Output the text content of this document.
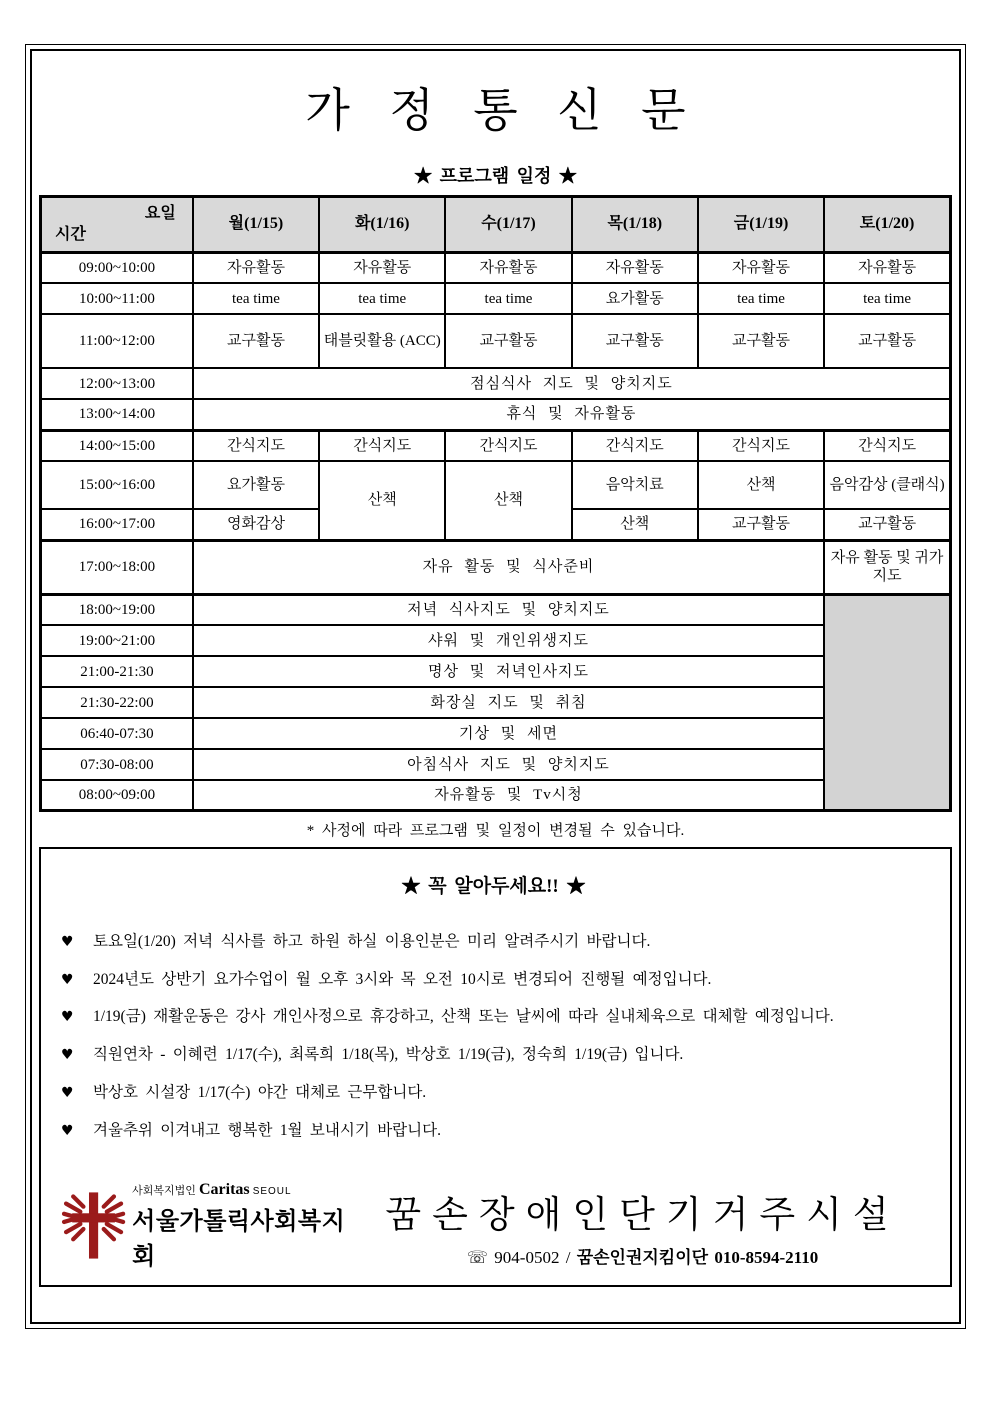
가 정 통 신 문
★ 프로그램 일정 ★
요일
시간	월(1/15)	화(1/16)	수(1/17)	목(1/18)	금(1/19)	토(1/20)
09:00~10:00	자유활동	자유활동	자유활동	자유활동	자유활동	자유활동
10:00~11:00	tea time	tea time	tea time	요가활동	tea time	tea time
11:00~12:00	교구활동	태블릿활용 (ACC)	교구활동	교구활동	교구활동	교구활동
12:00~13:00	점심식사 지도 및 양치지도					
13:00~14:00	휴식 및 자유활동					
14:00~15:00	간식지도	간식지도	간식지도	간식지도	간식지도	간식지도
15:00~16:00	요가활동	산책	산책	음악치료	산책	음악감상 (클래식)
16:00~17:00	영화감상			산책	교구활동	교구활동
17:00~18:00	자유 활동 및 식사준비					자유 활동 및 귀가지도
18:00~19:00	저녁 식사지도 및 양치지도					
19:00~21:00	샤워 및 개인위생지도					
21:00-21:30	명상 및 저녁인사지도					
21:30-22:00	화장실 지도 및 취침					
06:40-07:30	기상 및 세면					
07:30-08:00	아침식사 지도 및 양치지도					
08:00~09:00	자유활동 및 Tv시청					
* 사정에 따라 프로그램 및 일정이 변경될 수 있습니다.
★ 꼭 알아두세요!! ★
♥	토요일(1/20) 저녁 식사를 하고 하원 하실 이용인분은 미리 알려주시기 바랍니다.
♥	2024년도 상반기 요가수업이 월 오후 3시와 목 오전 10시로 변경되어 진행될 예정입니다.
♥	1/19(금) 재활운동은 강사 개인사정으로 휴강하고, 산책 또는 날씨에 따라 실내체육으로 대체할 예정입니다.
♥	직원연차 - 이혜련 1/17(수), 최록희 1/18(목), 박상호 1/19(금), 정숙희 1/19(금) 입니다.
♥	박상호 시설장 1/17(수) 야간 대체로 근무합니다.
♥	겨울추위 이겨내고 행복한 1월 보내시기 바랍니다.
사회복지법인 Caritas SEOUL
서울가톨릭사회복지회
꿈손장애인단기거주시설
☏ 904-0502 / 꿈손인권지킴이단 010-8594-2110
